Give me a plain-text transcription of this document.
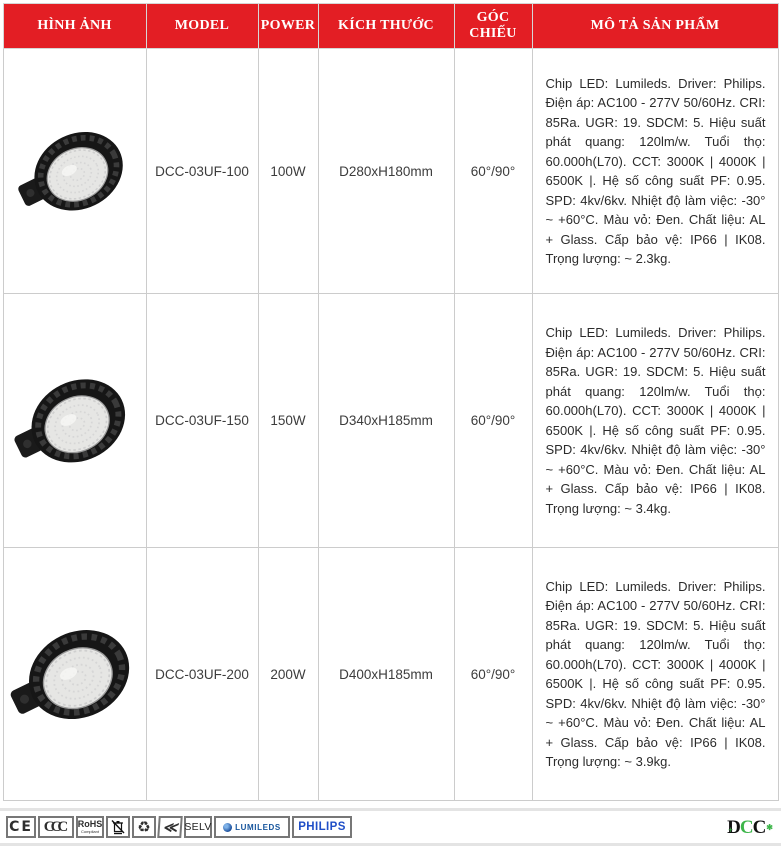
HÌNH ẢNH	MODEL	POWER	KÍCH THƯỚC	GÓC CHIẾU	MÔ TẢ SẢN PHẨM
	DCC-03UF-100	100W	D280xH180mm	60°/90°	Chip LED: Lumileds. Driver: Philips. Điện áp: AC100 - 277V 50/60Hz. CRI: 85Ra. UGR: 19. SDCM: 5. Hiệu suất phát quang: 120lm/w. Tuổi thọ: 60.000h(L70). CCT: 3000K | 4000K | 6500K |. Hệ số công suất PF: 0.95. SPD: 4kv/6kv. Nhiệt độ làm việc: -30° ~ +60°C. Màu vỏ: Đen. Chất liệu: AL + Glass. Cấp bảo vệ: IP66 | IK08. Trọng lượng: ~ 2.3kg.
	DCC-03UF-150	150W	D340xH185mm	60°/90°	Chip LED: Lumileds. Driver: Philips. Điện áp: AC100 - 277V 50/60Hz. CRI: 85Ra. UGR: 19. SDCM: 5. Hiệu suất phát quang: 120lm/w. Tuổi thọ: 60.000h(L70). CCT: 3000K | 4000K | 6500K |. Hệ số công suất PF: 0.95. SPD: 4kv/6kv. Nhiệt độ làm việc: -30° ~ +60°C. Màu vỏ: Đen. Chất liệu: AL + Glass. Cấp bảo vệ: IP66 | IK08. Trọng lượng: ~ 3.4kg.
	DCC-03UF-200	200W	D400xH185mm	60°/90°	Chip LED: Lumileds. Driver: Philips. Điện áp: AC100 - 277V 50/60Hz. CRI: 85Ra. UGR: 19. SDCM: 5. Hiệu suất phát quang: 120lm/w. Tuổi thọ: 60.000h(L70). CCT: 3000K | 4000K | 6500K |. Hệ số công suất PF: 0.95. SPD: 4kv/6kv. Nhiệt độ làm việc: -30° ~ +60°C. Màu vỏ: Đen. Chất liệu: AL + Glass. Cấp bảo vệ: IP66 | IK08. Trọng lượng: ~ 3.9kg.
CE CCC	RoHS
Compliant	♻ ≪ SELV	LUMILEDS PHILIPS	D +CC✱
